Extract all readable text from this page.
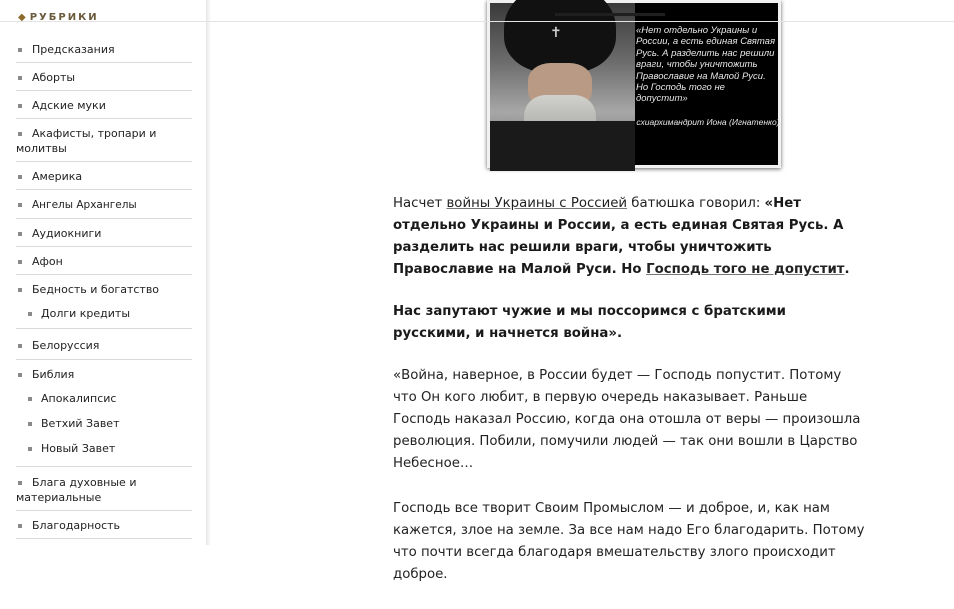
◆ РУБРИКИ
Предсказания
Аборты
Адские муки
Акафисты, тропари и молитвы
Америка
Ангелы Архангелы
Аудиокниги
Афон
Бедность и богатство
Долги кредиты
Белоруссия
Библия
Апокалипсис
Ветхий Завет
Новый Завет
Блага духовные и материальные
Благодарность
✝	«Нет отдельно Украины и России, а есть единая Святая Русь. А разделить нас решили враги, чтобы уничтожить Православие на Малой Руси. Но Господь того не допустит»
схиархимандрит Иона (Игнатенко)

Насчет войны Украины с Россией батюшка говорил: «Нет отдельно Украины и России, а есть единая Святая Русь. А разделить нас решили враги, чтобы уничтожить Православие на Малой Руси. Но Господь того не допустит.

Нас запутают чужие и мы поссоримся с братскими русскими, и начнется война».

«Война, наверное, в России будет — Господь попустит. Потому что Он кого любит, в первую очередь наказывает. Раньше Господь наказал Россию, когда она отошла от веры — произошла революция. Побили, помучили людей — так они вошли в Царство Небесное…

Господь все творит Своим Промыслом — и доброе, и, как нам кажется, злое на земле. За все нам надо Его благодарить. Потому что почти всегда благодаря вмешательству злого происходит доброе.
